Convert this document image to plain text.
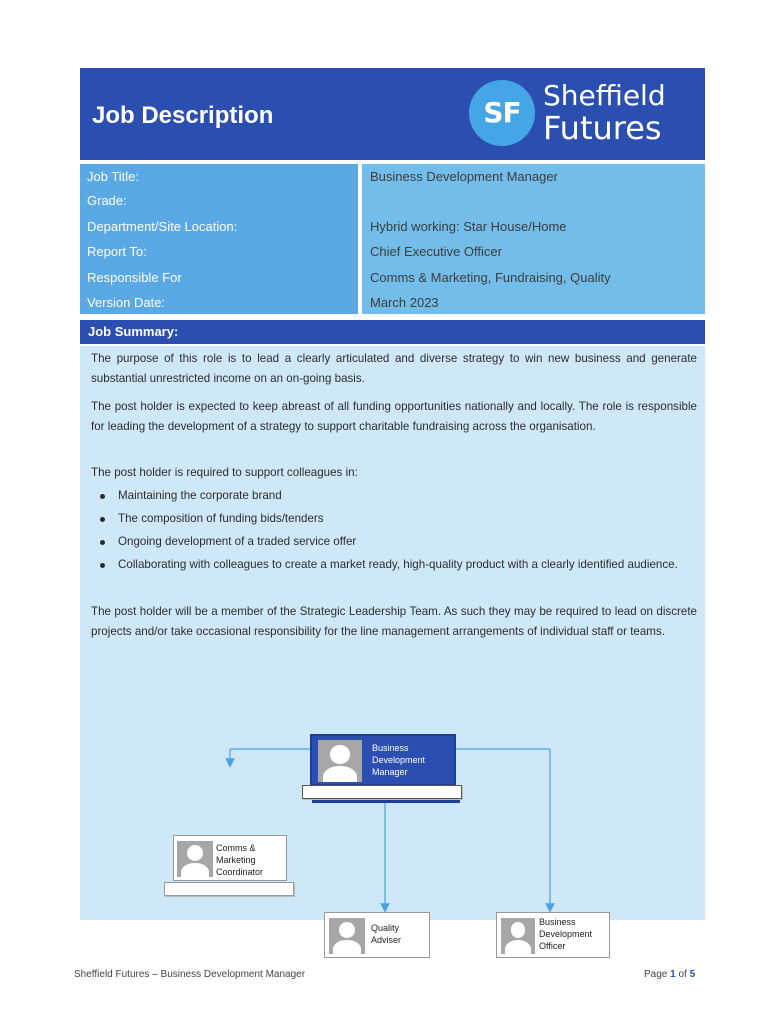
Job Description	SF
Sheffield
Futures
Job Title:
Grade:
Department/Site Location:
Report To:
Responsible For
Version Date:
Business Development Manager
Hybrid working: Star House/Home
Chief Executive Officer
Comms & Marketing, Fundraising, Quality
March 2023
Job Summary:

The purpose of this role is to lead a clearly articulated and diverse strategy to win new business and generate substantial unrestricted income on an on-going basis.

The post holder is expected to keep abreast of all funding opportunities nationally and locally. The role is responsible for leading the development of a strategy to support charitable fundraising across the organisation.

The post holder is required to support colleagues in:

Maintaining the corporate brand
The composition of funding bids/tenders
Ongoing development of a traded service offer
Collaborating with colleagues to create a market ready, high-quality product with a clearly identified audience.

The post holder will be a member of the Strategic Leadership Team. As such they may be required to lead on discrete projects and/or take occasional responsibility for the line management arrangements of individual staff or teams.

Business Development Manager
Comms & Marketing Coordinator
Quality Adviser
Business Development Officer
Sheffield Futures – Business Development Manager	Page 1 of 5
